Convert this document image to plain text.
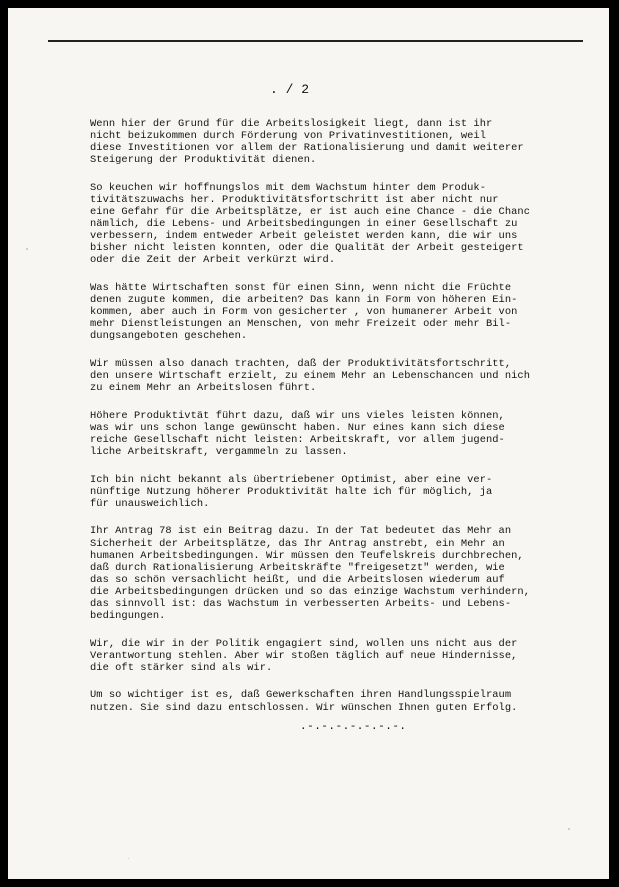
. / 2

Wenn hier der Grund für die Arbeitslosigkeit liegt, dann ist ihr
nicht beizukommen durch Förderung von Privatinvestitionen, weil
diese Investitionen vor allem der Rationalisierung und damit weiterer
Steigerung der Produktivität dienen.

So keuchen wir hoffnungslos mit dem Wachstum hinter dem Produk-
tivitätszuwachs her. Produktivitätsfortschritt ist aber nicht nur
eine Gefahr für die Arbeitsplätze, er ist auch eine Chance - die Chanc
nämlich, die Lebens- und Arbeitsbedingungen in einer Gesellschaft zu
verbessern, indem entweder Arbeit geleistet werden kann, die wir uns
bisher nicht leisten konnten, oder die Qualität der Arbeit gesteigert
oder die Zeit der Arbeit verkürzt wird.

Was hätte Wirtschaften sonst für einen Sinn, wenn nicht die Früchte
denen zugute kommen, die arbeiten? Das kann in Form von höheren Ein-
kommen, aber auch in Form von gesicherter , von humanerer Arbeit von
mehr Dienstleistungen an Menschen, von mehr Freizeit oder mehr Bil-
dungsangeboten geschehen.

Wir müssen also danach trachten, daß der Produktivitätsfortschritt,
den unsere Wirtschaft erzielt, zu einem Mehr an Lebenschancen und nich
zu einem Mehr an Arbeitslosen führt.

Höhere Produktivtät führt dazu, daß wir uns vieles leisten können,
was wir uns schon lange gewünscht haben. Nur eines kann sich diese
reiche Gesellschaft nicht leisten: Arbeitskraft, vor allem jugend-
liche Arbeitskraft, vergammeln zu lassen.

Ich bin nicht bekannt als übertriebener Optimist, aber eine ver-
nünftige Nutzung höherer Produktivität halte ich für möglich, ja
für unausweichlich.

Ihr Antrag 78 ist ein Beitrag dazu. In der Tat bedeutet das Mehr an
Sicherheit der Arbeitsplätze, das Ihr Antrag anstrebt, ein Mehr an
humanen Arbeitsbedingungen. Wir müssen den Teufelskreis durchbrechen,
daß durch Rationalisierung Arbeitskräfte "freigesetzt" werden, wie
das so schön versachlicht heißt, und die Arbeitslosen wiederum auf
die Arbeitsbedingungen drücken und so das einzige Wachstum verhindern,
das sinnvoll ist: das Wachstum in verbesserten Arbeits- und Lebens-
bedingungen.

Wir, die wir in der Politik engagiert sind, wollen uns nicht aus der
Verantwortung stehlen. Aber wir stoßen täglich auf neue Hindernisse,
die oft stärker sind als wir.

Um so wichtiger ist es, daß Gewerkschaften ihren Handlungsspielraum
nutzen. Sie sind dazu entschlossen. Wir wünschen Ihnen guten Erfolg.

.-.-.-.-.-.-.-.
